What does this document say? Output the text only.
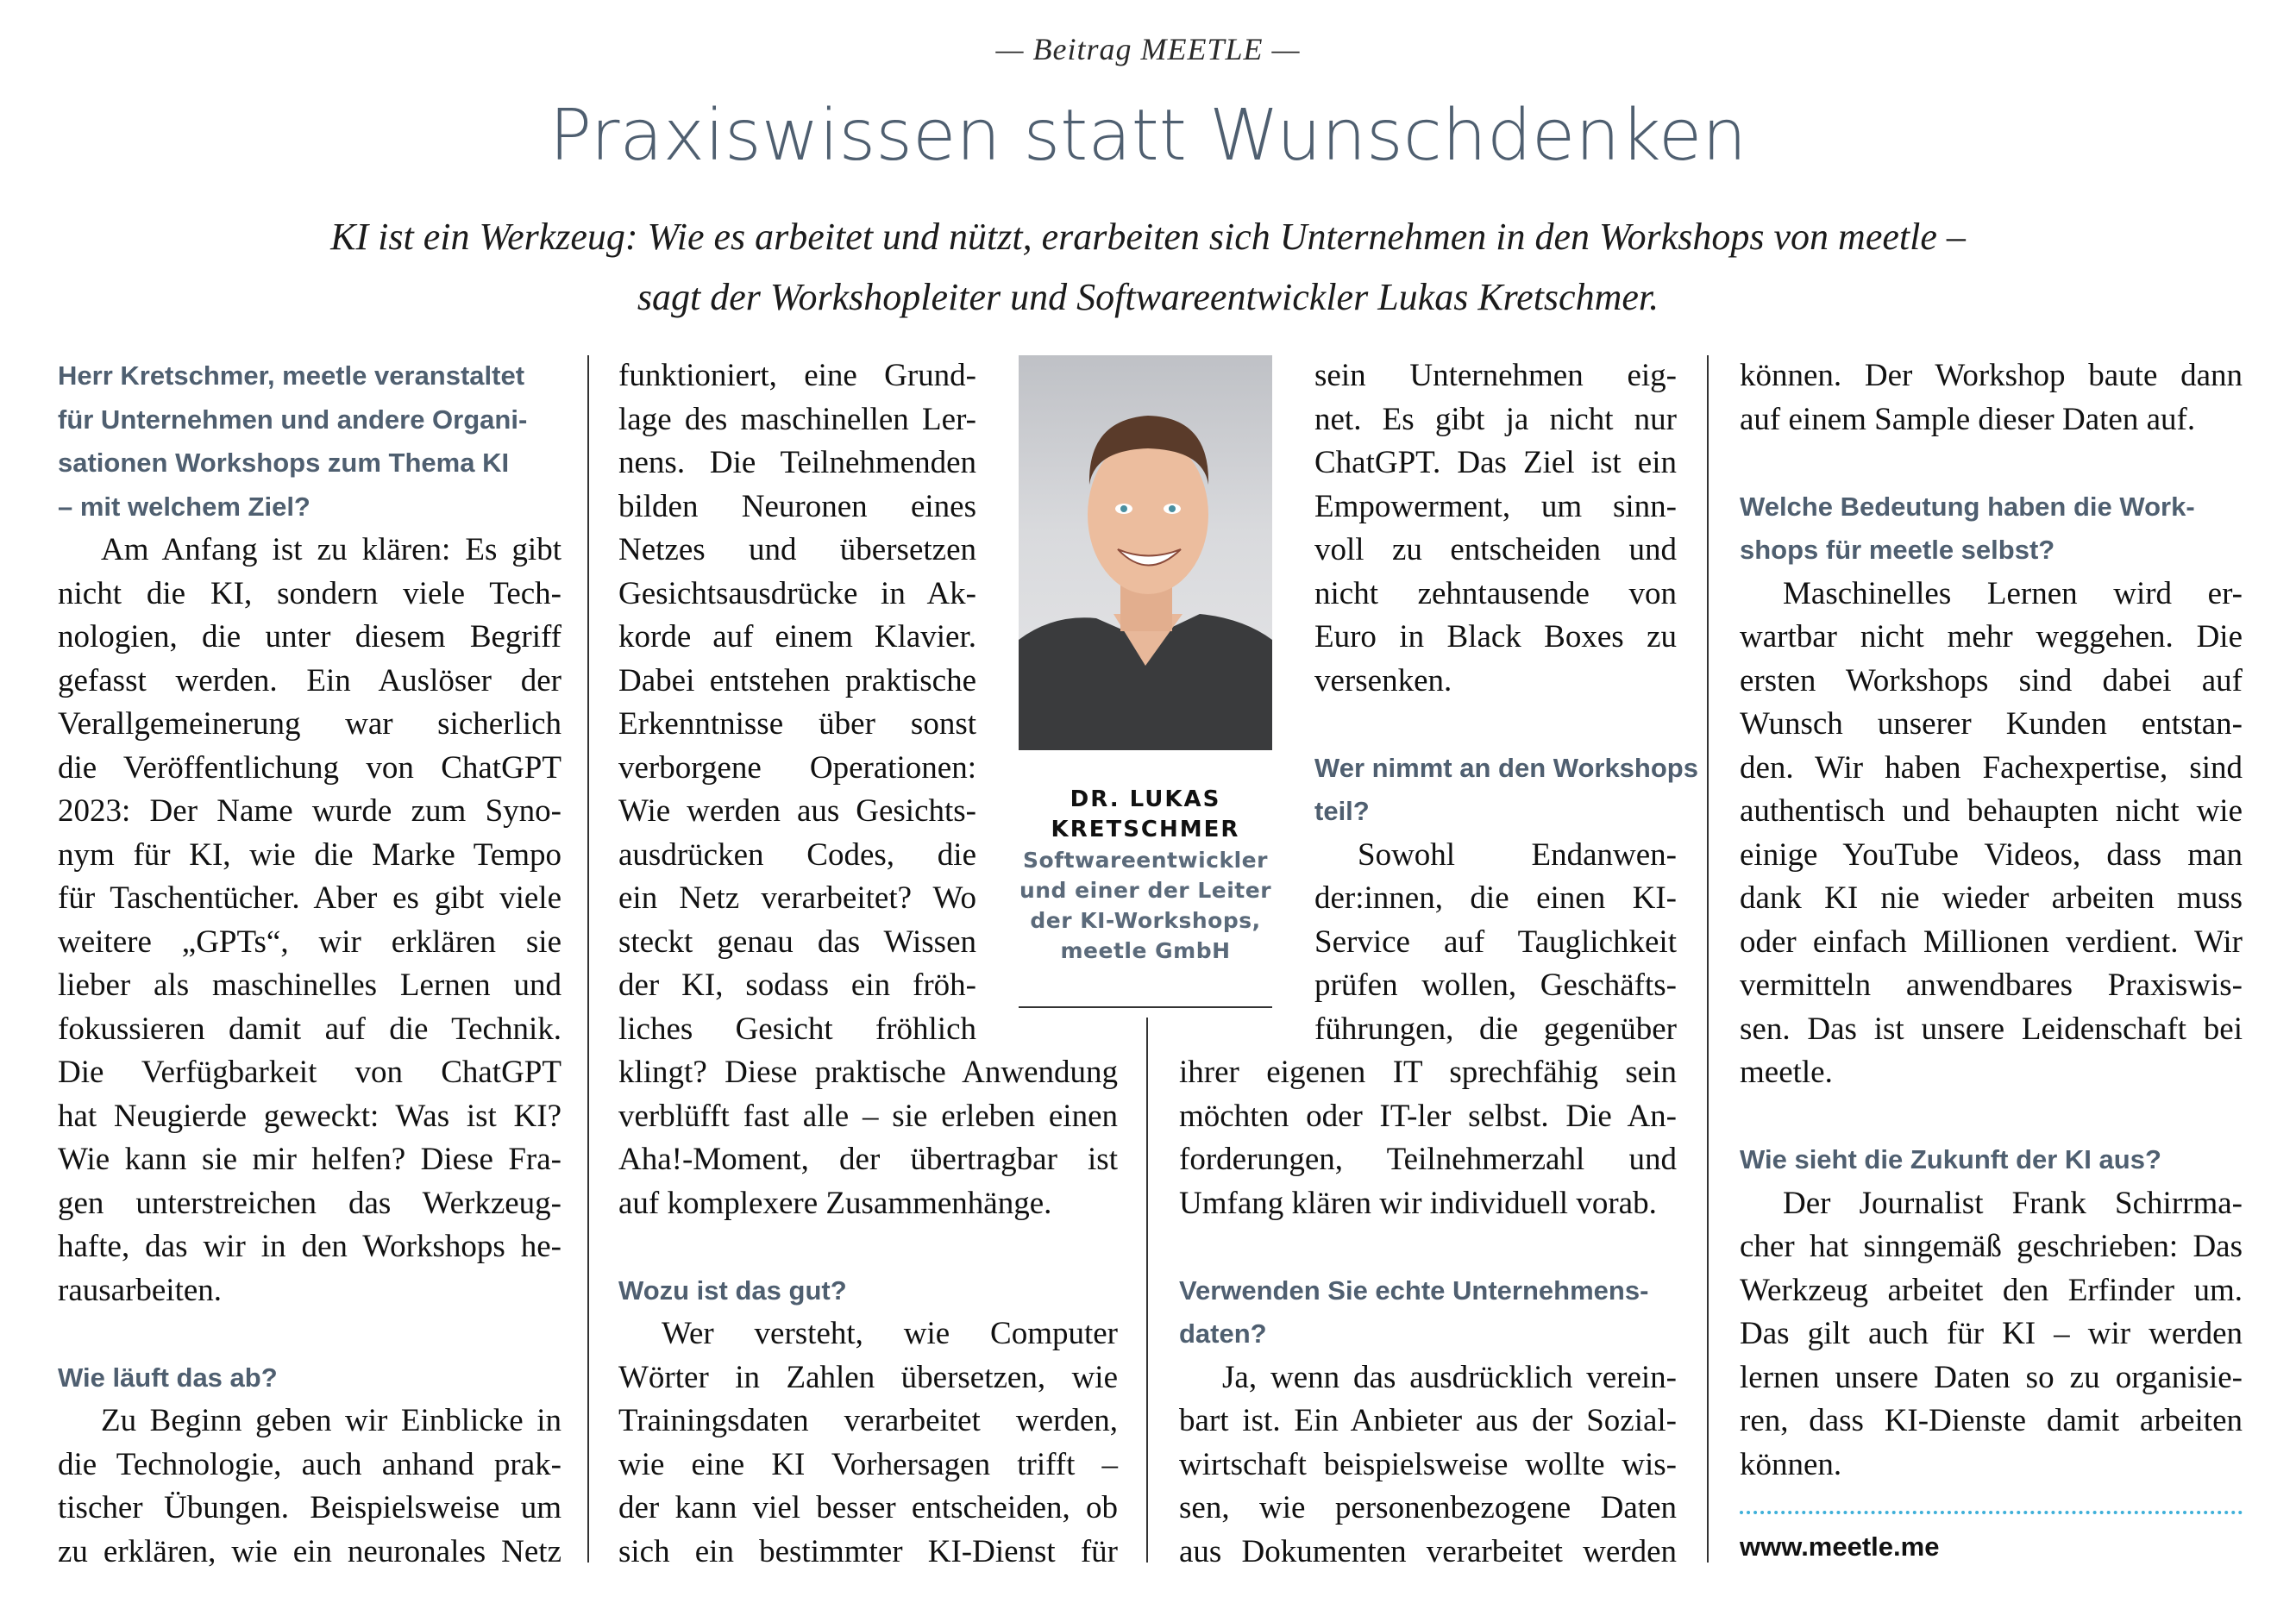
— Beitrag MEETLE —
Praxiswissen statt Wunschdenken
KI ist ein Werkzeug: Wie es arbeitet und nützt, erarbeiten sich Unternehmen in den Workshops von meetle –
sagt der Workshopleiter und Softwareentwickler Lukas Kretschmer.
DR. LUKAS
KRETSCHMER
Softwareentwickler
und einer der Leiter
der KI-Workshops,
meetle GmbH
Herr Kretschmer, meetle veranstaltet
für Unternehmen und andere Organi-
sationen Workshops zum Thema KI
– mit welchem Ziel?
Am Anfang ist zu klären: Es gibt
nicht die KI, sondern viele Tech-
nologien, die unter diesem Begriff
gefasst werden. Ein Auslöser der
Verallgemeinerung war sicherlich
die Veröffentlichung von ChatGPT
2023: Der Name wurde zum Syno-
nym für KI, wie die Marke Tempo
für Taschentücher. Aber es gibt viele
weitere „GPTs“, wir erklären sie
lieber als maschinelles Lernen und
fokussieren damit auf die Technik.
Die Verfügbarkeit von ChatGPT
hat Neugierde geweckt: Was ist KI?
Wie kann sie mir helfen? Diese Fra-
gen unterstreichen das Werkzeug-
hafte, das wir in den Workshops he-
rausarbeiten.
Wie läuft das ab?
Zu Beginn geben wir Einblicke in
die Technologie, auch anhand prak-
tischer Übungen. Beispielsweise um
zu erklären, wie ein neuronales Netz
funktioniert, eine Grund-
lage des maschinellen Ler-
nens. Die Teilnehmenden
bilden Neuronen eines
Netzes und übersetzen
Gesichtsausdrücke in Ak-
korde auf einem Klavier.
Dabei entstehen praktische
Erkenntnisse über sonst
verborgene Operationen:
Wie werden aus Gesichts-
ausdrücken Codes, die
ein Netz verarbeitet? Wo
steckt genau das Wissen
der KI, sodass ein fröh-
liches Gesicht fröhlich
klingt? Diese praktische Anwendung
verblüfft fast alle – sie erleben einen
Aha!-Moment, der übertragbar ist
auf komplexere Zusammenhänge.
Wozu ist das gut?
Wer versteht, wie Computer
Wörter in Zahlen übersetzen, wie
Trainingsdaten verarbeitet werden,
wie eine KI Vorhersagen trifft –
der kann viel besser entscheiden, ob
sich ein bestimmter KI-Dienst für
sein Unternehmen eig-
net. Es gibt ja nicht nur
ChatGPT. Das Ziel ist ein
Empowerment, um sinn-
voll zu entscheiden und
nicht zehntausende von
Euro in Black Boxes zu
versenken.
Wer nimmt an den Workshops
teil?
Sowohl Endanwen-
der:innen, die einen KI-
Service auf Tauglichkeit
prüfen wollen, Geschäfts-
führungen, die gegenüber
ihrer eigenen IT sprechfähig sein
möchten oder IT-ler selbst. Die An-
forderungen, Teilnehmerzahl und
Umfang klären wir individuell vorab.
Verwenden Sie echte Unternehmens-
daten?
Ja, wenn das ausdrücklich verein-
bart ist. Ein Anbieter aus der Sozial-
wirtschaft beispielsweise wollte wis-
sen, wie personenbezogene Daten
aus Dokumenten verarbeitet werden
können. Der Workshop baute dann
auf einem Sample dieser Daten auf.
Welche Bedeutung haben die Work-
shops für meetle selbst?
Maschinelles Lernen wird er-
wartbar nicht mehr weggehen. Die
ersten Workshops sind dabei auf
Wunsch unserer Kunden entstan-
den. Wir haben Fachexpertise, sind
authentisch und behaupten nicht wie
einige YouTube Videos, dass man
dank KI nie wieder arbeiten muss
oder einfach Millionen verdient. Wir
vermitteln anwendbares Praxiswis-
sen. Das ist unsere Leidenschaft bei
meetle.
Wie sieht die Zukunft der KI aus?
Der Journalist Frank Schirrma-
cher hat sinngemäß geschrieben: Das
Werkzeug arbeitet den Erfinder um.
Das gilt auch für KI – wir werden
lernen unsere Daten so zu organisie-
ren, dass KI-Dienste damit arbeiten
können.
www.meetle.me
